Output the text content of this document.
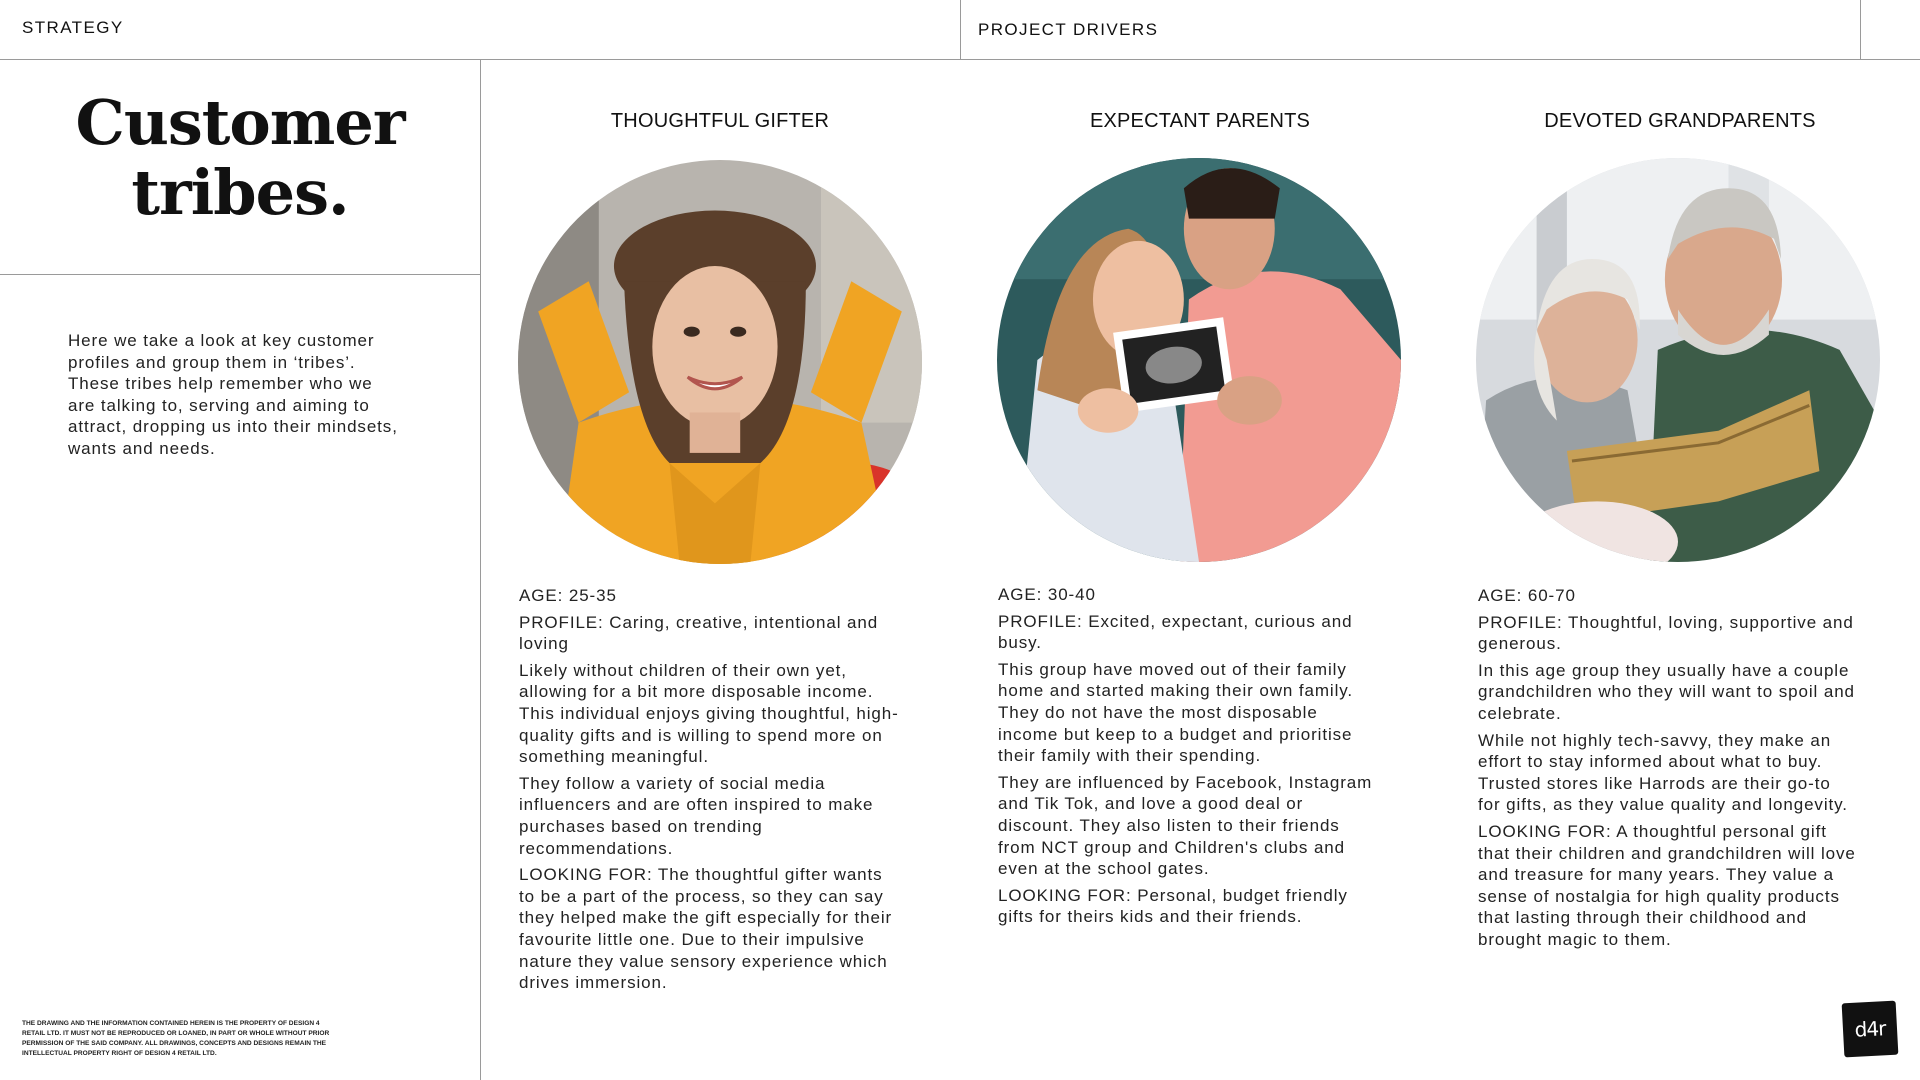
STRATEGY	PROJECT DRIVERS
Customer
tribes.
Here we take a look at key customer profiles and group them in ‘tribes’. These tribes help remember who we are talking to, serving and aiming to attract, dropping us into their mindsets, wants and needs.
THE DRAWING AND THE INFORMATION CONTAINED HEREIN IS THE PROPERTY OF DESIGN 4 RETAIL LTD. IT MUST NOT BE REPRODUCED OR LOANED, IN PART OR WHOLE WITHOUT PRIOR PERMISSION OF THE SAID COMPANY. ALL DRAWINGS, CONCEPTS AND DESIGNS REMAIN THE INTELLECTUAL PROPERTY RIGHT OF DESIGN 4 RETAIL LTD.
THOUGHTFUL GIFTER

AGE: 25-35

PROFILE: Caring, creative, intentional and loving

Likely without children of their own yet, allowing for a bit more disposable income. This individual enjoys giving thoughtful, high-quality gifts and is willing to spend more on something meaningful.

They follow a variety of social media influencers and are often inspired to make purchases based on trending recommendations.

LOOKING FOR: The thoughtful gifter wants to be a part of the process, so they can say they helped make the gift especially for their favourite little one. Due to their impulsive nature they value sensory experience which drives immersion.

EXPECTANT PARENTS

AGE: 30-40

PROFILE: Excited, expectant, curious and busy.

This group have moved out of their family home and started making their own family. They do not have the most disposable income but keep to a budget and prioritise their family with their spending.

They are influenced by Facebook, Instagram and Tik Tok, and love a good deal or discount. They also listen to their friends from NCT group and Children's clubs and even at the school gates.

LOOKING FOR: Personal, budget friendly gifts for theirs kids and their friends.

DEVOTED GRANDPARENTS

AGE: 60-70

PROFILE: Thoughtful, loving, supportive and generous.

In this age group they usually have a couple grandchildren who they will want to spoil and celebrate.

While not highly tech-savvy, they make an effort to stay informed about what to buy. Trusted stores like Harrods are their go-to for gifts, as they value quality and longevity.

LOOKING FOR: A thoughtful personal gift that their children and grandchildren will love and treasure for many years. They value a sense of nostalgia for high quality products that lasting through their childhood and brought magic to them.

d4r
